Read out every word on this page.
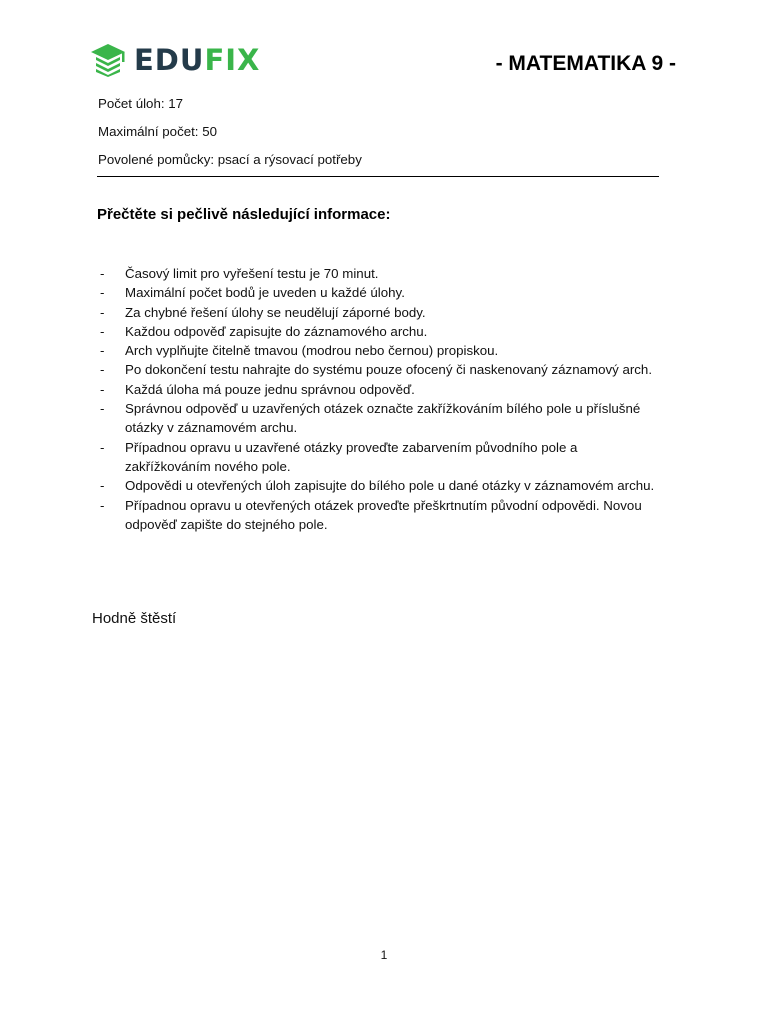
EDUFIX	- MATEMATIKA 9 -
Počet úloh: 17
Maximální počet: 50
Povolené pomůcky: psací a rýsovací potřeby
Přečtěte si pečlivě následující informace:
- Časový limit pro vyřešení testu je 70 minut.
- Maximální počet bodů je uveden u každé úlohy.
- Za chybné řešení úlohy se neudělují záporné body.
- Každou odpověď zapisujte do záznamového archu.
- Arch vyplňujte čitelně tmavou (modrou nebo černou) propiskou.
- Po dokončení testu nahrajte do systému pouze ofocený či naskenovaný záznamový arch.
- Každá úloha má pouze jednu správnou odpověď.
- Správnou odpověď u uzavřených otázek označte zakřížkováním bílého pole u příslušné otázky v záznamovém archu.
- Případnou opravu u uzavřené otázky proveďte zabarvením původního pole a zakřížkováním nového pole.
- Odpovědi u otevřených úloh zapisujte do bílého pole u dané otázky v záznamovém archu.
- Případnou opravu u otevřených otázek proveďte přeškrtnutím původní odpovědi. Novou odpověď zapište do stejného pole.
Hodně štěstí
1
